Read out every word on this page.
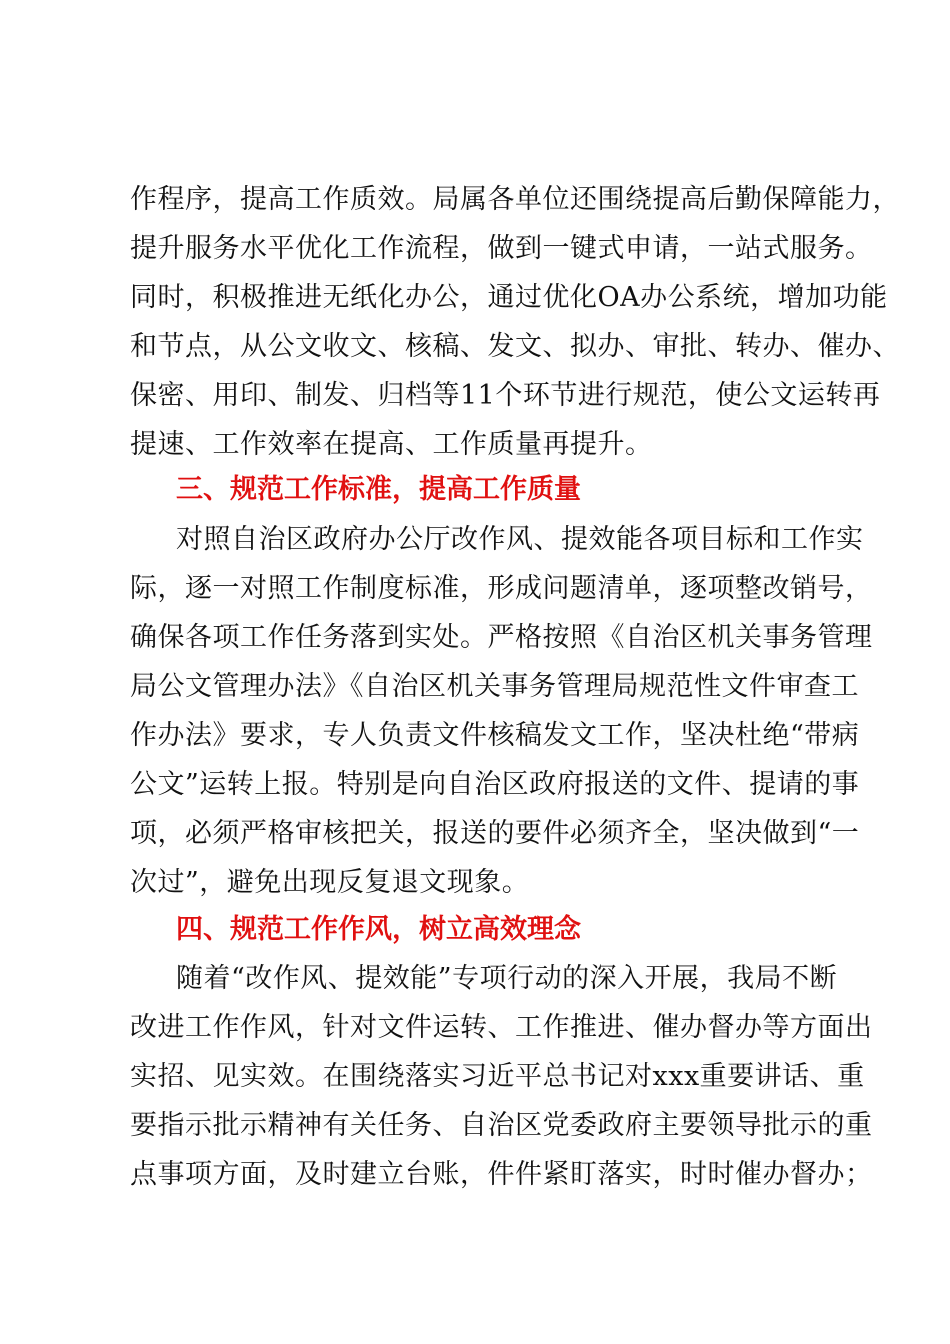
作程序，提高工作质效。局属各单位还围绕提高后勤保障能力，
提升服务水平优化工作流程，做到一键式申请，一站式服务。
同时，积极推进无纸化办公，通过优化OA办公系统，增加功能
和节点，从公文收文、核稿、发文、拟办、审批、转办、催办、
保密、用印、制发、归档等11个环节进行规范，使公文运转再
提速、工作效率在提高、工作质量再提升。
三、规范工作标准，提高工作质量
对照自治区政府办公厅改作风、提效能各项目标和工作实
际，逐一对照工作制度标准，形成问题清单，逐项整改销号，
确保各项工作任务落到实处。严格按照《自治区机关事务管理
局公文管理办法》《自治区机关事务管理局规范性文件审查工
作办法》要求，专人负责文件核稿发文工作，坚决杜绝“带病
公文”运转上报。特别是向自治区政府报送的文件、提请的事
项，必须严格审核把关，报送的要件必须齐全，坚决做到“一
次过”，避免出现反复退文现象。
四、规范工作作风，树立高效理念
随着“改作风、提效能”专项行动的深入开展，我局不断
改进工作作风，针对文件运转、工作推进、催办督办等方面出
实招、见实效。在围绕落实习近平总书记对xxx重要讲话、重
要指示批示精神有关任务、自治区党委政府主要领导批示的重
点事项方面，及时建立台账，件件紧盯落实，时时催办督办；
